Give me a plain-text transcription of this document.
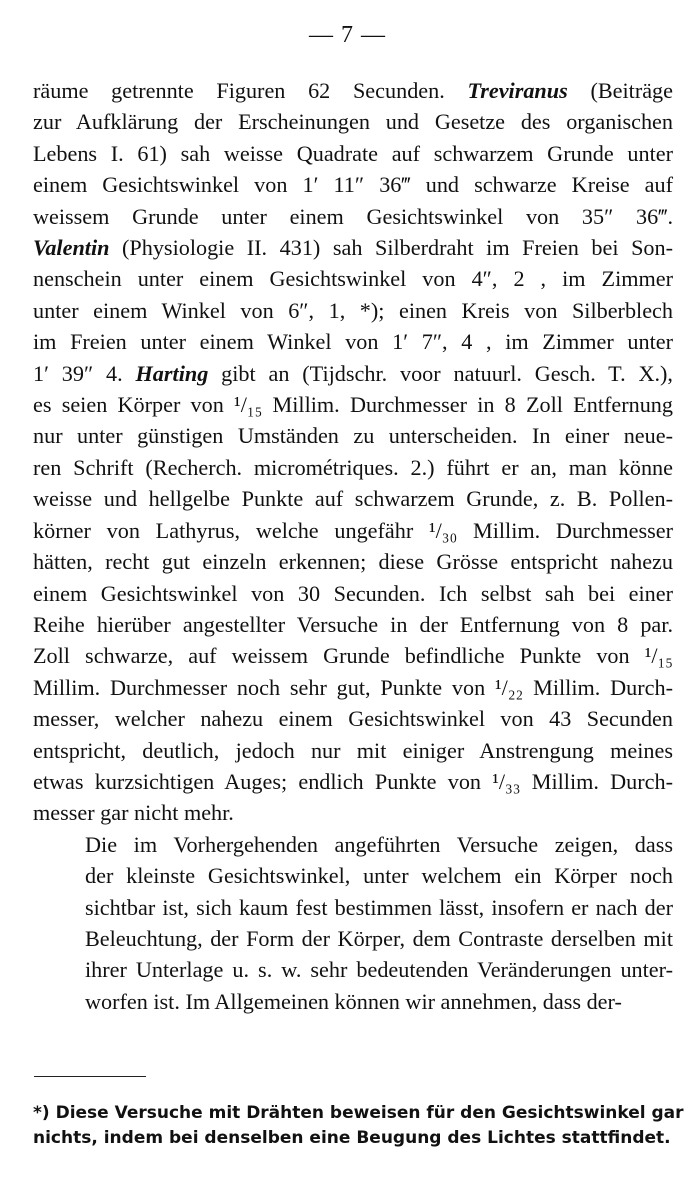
— 7 —

räume getrennte Figuren 62 Secunden. Treviranus (Beiträge
zur Aufklärung der Erscheinungen und Gesetze des organischen
Lebens I. 61) sah weisse Quadrate auf schwarzem Grunde unter
einem Gesichtswinkel von 1′ 11″ 36‴ und schwarze Kreise auf
weissem Grunde unter einem Gesichtswinkel von 35″ 36‴.
Valentin (Physiologie II. 431) sah Silberdraht im Freien bei Son-
nenschein unter einem Gesichtswinkel von 4″, 2 , im Zimmer
unter einem Winkel von 6″, 1, *); einen Kreis von Silberblech
im Freien unter einem Winkel von 1′ 7″, 4 , im Zimmer unter
1′ 39″ 4. Harting gibt an (Tijdschr. voor natuurl. Gesch. T. X.),
es seien Körper von ¹/₁₅ Millim. Durchmesser in 8 Zoll Entfernung
nur unter günstigen Umständen zu unterscheiden. In einer neue-
ren Schrift (Recherch. micrométriques. 2.) führt er an, man könne
weisse und hellgelbe Punkte auf schwarzem Grunde, z. B. Pollen-
körner von Lathyrus, welche ungefähr ¹/₃₀ Millim. Durchmesser
hätten, recht gut einzeln erkennen; diese Grösse entspricht nahezu
einem Gesichtswinkel von 30 Secunden. Ich selbst sah bei einer
Reihe hierüber angestellter Versuche in der Entfernung von 8 par.
Zoll schwarze, auf weissem Grunde befindliche Punkte von ¹/₁₅
Millim. Durchmesser noch sehr gut, Punkte von ¹/₂₂ Millim. Durch-
messer, welcher nahezu einem Gesichtswinkel von 43 Secunden
entspricht, deutlich, jedoch nur mit einiger Anstrengung meines
etwas kurzsichtigen Auges; endlich Punkte von ¹/₃₃ Millim. Durch-
messer gar nicht mehr.

Die im Vorhergehenden angeführten Versuche zeigen, dass
der kleinste Gesichtswinkel, unter welchem ein Körper noch
sichtbar ist, sich kaum fest bestimmen lässt, insofern er nach der
Beleuchtung, der Form der Körper, dem Contraste derselben mit
ihrer Unterlage u. s. w. sehr bedeutenden Veränderungen unter-
worfen ist. Im Allgemeinen können wir annehmen, dass der-

*) Diese Versuche mit Drähten beweisen für den Gesichtswinkel gar
nichts, indem bei denselben eine Beugung des Lichtes stattfindet.
